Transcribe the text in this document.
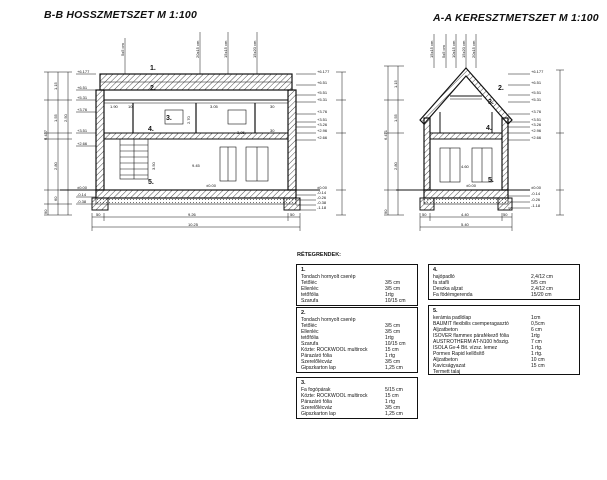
B-B HOSSZMETSZET M 1:100	A-A KERESZTMETSZET M 1:100
1.
2.
3.
4.
5.
5x5 cm	20x15 cm	15x15 cm	15x20 cm
+6.177
+6.51
+5.31
+3.76
+3.51
+2.66
±0.00
-0.14
-0.38
6.437
1.15
1.55 2.50
2.80
60
90
+6.177
+6.51
+5.51
+5.31
+3.76
+3.51
+3.26
+2.96
+2.66
±0.00
-0.14
-0.26
-0.38
-1.18
1.90	10	3.05	30
2.70
3.05	30
9.45
±0.00
3.50
50	9.26	50
10.25
2.
3.
4.
5.
15x15 cm 5x5 cm 10x15 cm 15x20 cm 20x15 cm
6.471
1.15
1.55
2.80
90
+6.177
+6.51
+5.51
+5.31
+3.76
+3.51
+3.26
+2.96
+2.66
±0.00
-0.14
-0.26
-1.18
4.60
±0.00
50	4.40	50
5.40
RÉTEGRENDEK:
1.
Tondach hornyolt cserép
Tetőléc	3/5 cm
Ellenléc	3/5 cm
tetőfólia	1rtg
Szarufa	10/15 cm
2.
Tondach hornyolt cserép
Tetőléc	3/5 cm
Ellenléc	3/5 cm
tetőfólia	1rtg
Szarufa	10/15 cm
Közte: ROCKWOOL multirock	15 cm
Párazáró fólia	1 rtg
Szerelőlécváz	3/5 cm
Gipszkarton lap	1,25 cm
3.
Fa fogópárak	5/15 cm
Közte: ROCKWOOL multirock	15 cm
Párazáró fólia	1 rtg
Szerelőlécváz	3/5 cm
Gipszkarton lap	1,25 cm
4.
hajópadló	2,4/12 cm
fa stafli	5/5 cm
Deszka aljzat	2,4/12 cm
Fa födémgerenda	15/20 cm
5.
kerámia padlólap	1cm
BAUMIT flexibilis csemperagasztó	0,5cm
Aljzatbeton	6 cm
ISOVER flammex párafékező fólia	1rtg
AUSTROTHERM AT-N100 hőszig.	7 cm
ISOLA Gv-4 Bit. vízsz. lemez	1 rtg.
Pormex Rapid kellősítő	1 rtg.
Aljzatbeton	10 cm
Kavicságyazat	15 cm
Termett talaj
